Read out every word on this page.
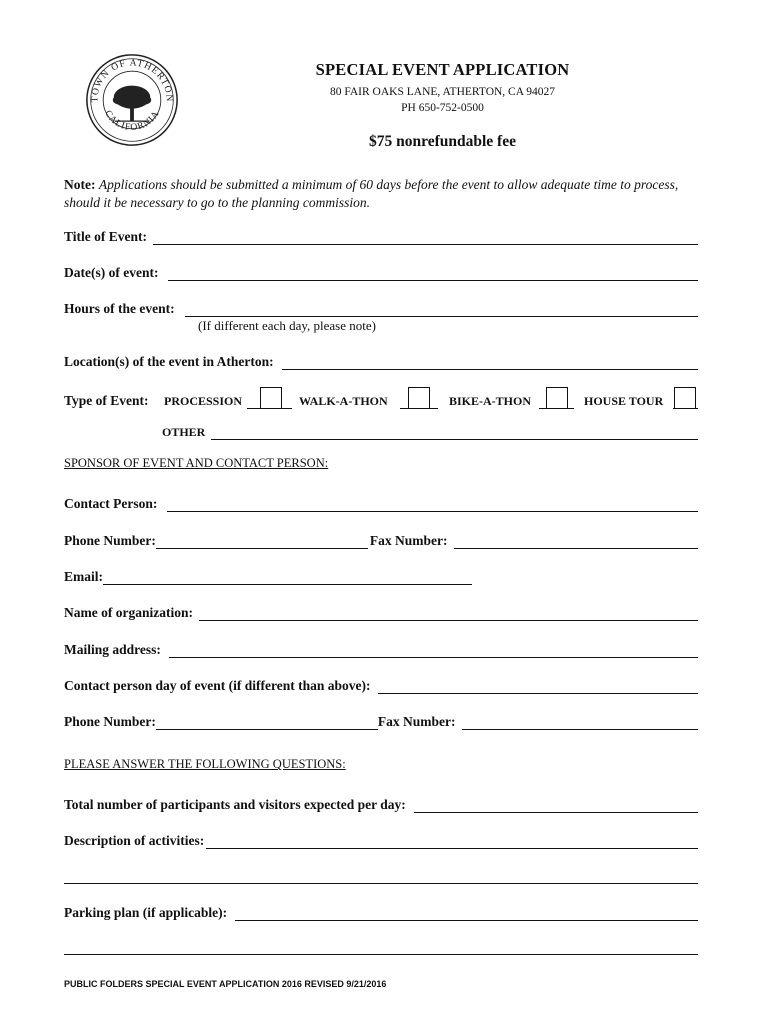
TOWN OF ATHERTON
CALIFORNIA
SPECIAL EVENT APPLICATION
80 FAIR OAKS LANE, ATHERTON, CA 94027
PH 650-752-0500
$75 nonrefundable fee
Note: Applications should be submitted a minimum of 60 days before the event to allow adequate time to process, should it be necessary to go to the planning commission.
Title of Event:
Date(s) of event:
Hours of the event:
(If different each day, please note)
Location(s) of the event in Atherton:
Type of Event: PROCESSION	WALK-A-THON	BIKE-A-THON	HOUSE TOUR
OTHER
SPONSOR OF EVENT AND CONTACT PERSON:
Contact Person:
Phone Number:	Fax Number:
Email:
Name of organization:
Mailing address:
Contact person day of event (if different than above):
Phone Number:	Fax Number:
PLEASE ANSWER THE FOLLOWING QUESTIONS:
Total number of participants and visitors expected per day:
Description of activities:
Parking plan (if applicable):
PUBLIC FOLDERS SPECIAL EVENT APPLICATION 2016 REVISED 9/21/2016
